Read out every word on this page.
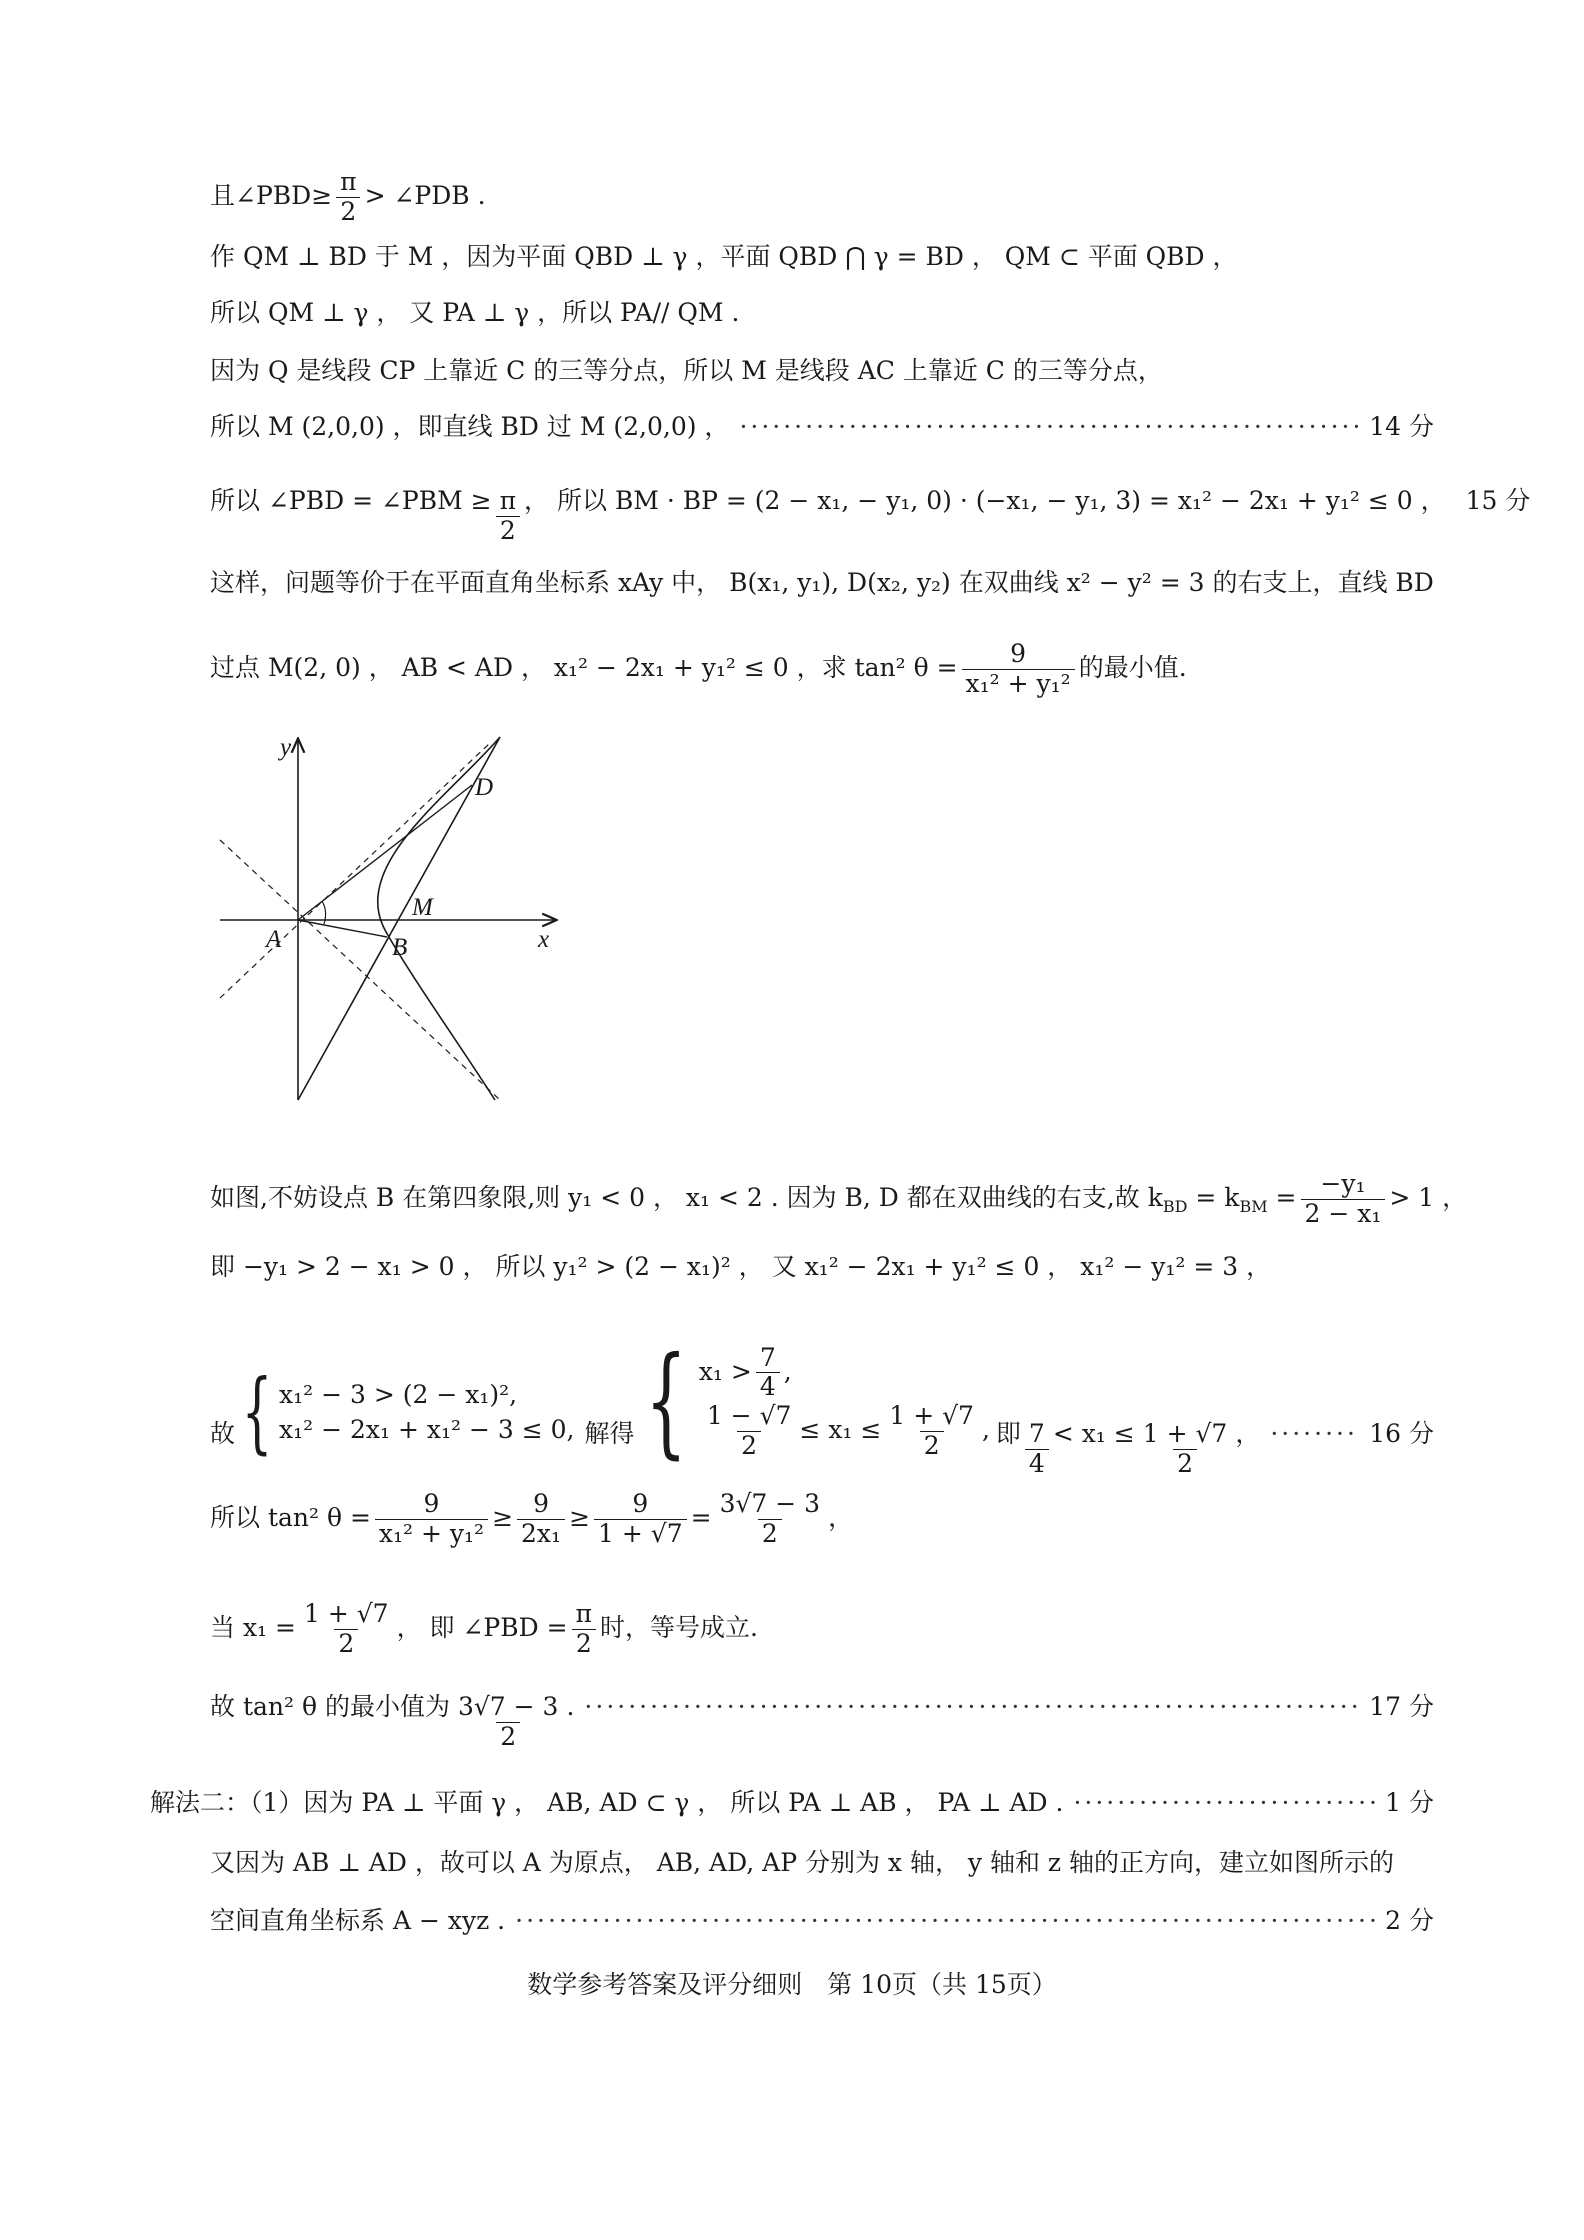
且∠PBD≥ $\frac{\pi}{2}$ > ∠PDB .
作 QM ⊥ BD 于 M ，因为平面 QBD ⊥ γ ，平面 QBD ⋂ γ = BD ， QM ⊂ 平面 QBD ，
所以 QM ⊥ γ ， 又 PA ⊥ γ ，所以 PA// QM .
因为 Q 是线段 CP 上靠近 C 的三等分点，所以 M 是线段 AC 上靠近 C 的三等分点，
所以 M (2,0,0) ，即直线 BD 过 M (2,0,0) ， ·····	14 分
所以 ∠PBD = ∠PBM ≥ $\frac{\pi}{2}$ ， 所以 BM · BP = (2 − x₁, − y₁, 0) · (−x₁, − y₁, 3) = x₁² − 2x₁ + y₁² ≤ 0 ， 15 分
这样，问题等价于在平面直角坐标系 xAy 中， B(x₁, y₁), D(x₂, y₂) 在双曲线 x² − y² = 3 的右支上，直线 BD
过点 M(2, 0) ， AB < AD ， x₁² − 2x₁ + y₁² ≤ 0 ，求 tan² $\theta = \frac{9}{\text{x₁² + y₁²}}$ 的最小值.
y
x
A	B
M
D
如图,不妨设点 B 在第四象限,则 y₁ < 0 ， x₁ < 2 . 因为 B, D 都在双曲线的右支,故 $k_{BD} = k_{BM} = \frac{\text{−y₁}}{\text{2 − x₁}} > 1$ ，
即 −y₁ > 2 − x₁ > 0 ， 所以 y₁² > (2 − x₁)² ， 又 x₁² − 2x₁ + y₁² ≤ 0 ， x₁² − y₁² = 3 ，
故 { x₁² − 3 > (2 − x₁)²,
x₁² − 2x₁ + x₁² − 3 ≤ 0, 解得 { $x_1 > \frac{7}{4}$ ,
$\frac{1 - √7}{2} \le x_1 \le \frac{1 + √7}{2}$ , 即 $\frac{7}{4} < x_1 \le \frac{1 + √7}{2}$ ， ·····	16 分
所以 tan² $\theta = \frac{9}{\text{x₁² + y₁²}} \ge \frac{9}{\text{2x₁}} \ge \frac{9}{1 + √7} = \frac{3√7 - 3}{2}$ ，
当 $x_1 = \frac{1 + √7}{2}$ ， 即 ∠PBD = $\frac{\pi}{2}$ 时，等号成立.
故 tan² θ 的最小值为 $\frac{3√7 - 3}{2}$ . ·····	17 分
解法二：（1）因为 PA ⊥ 平面 γ ， AB, AD ⊂ γ ， 所以 PA ⊥ AB ， PA ⊥ AD . ·····	1 分
又因为 AB ⊥ AD ，故可以 A 为原点， AB, AD, AP 分别为 x 轴， y 轴和 z 轴的正方向，建立如图所示的
空间直角坐标系 A − xyz . ·····	2 分
数学参考答案及评分细则　第 10页（共 15页）
